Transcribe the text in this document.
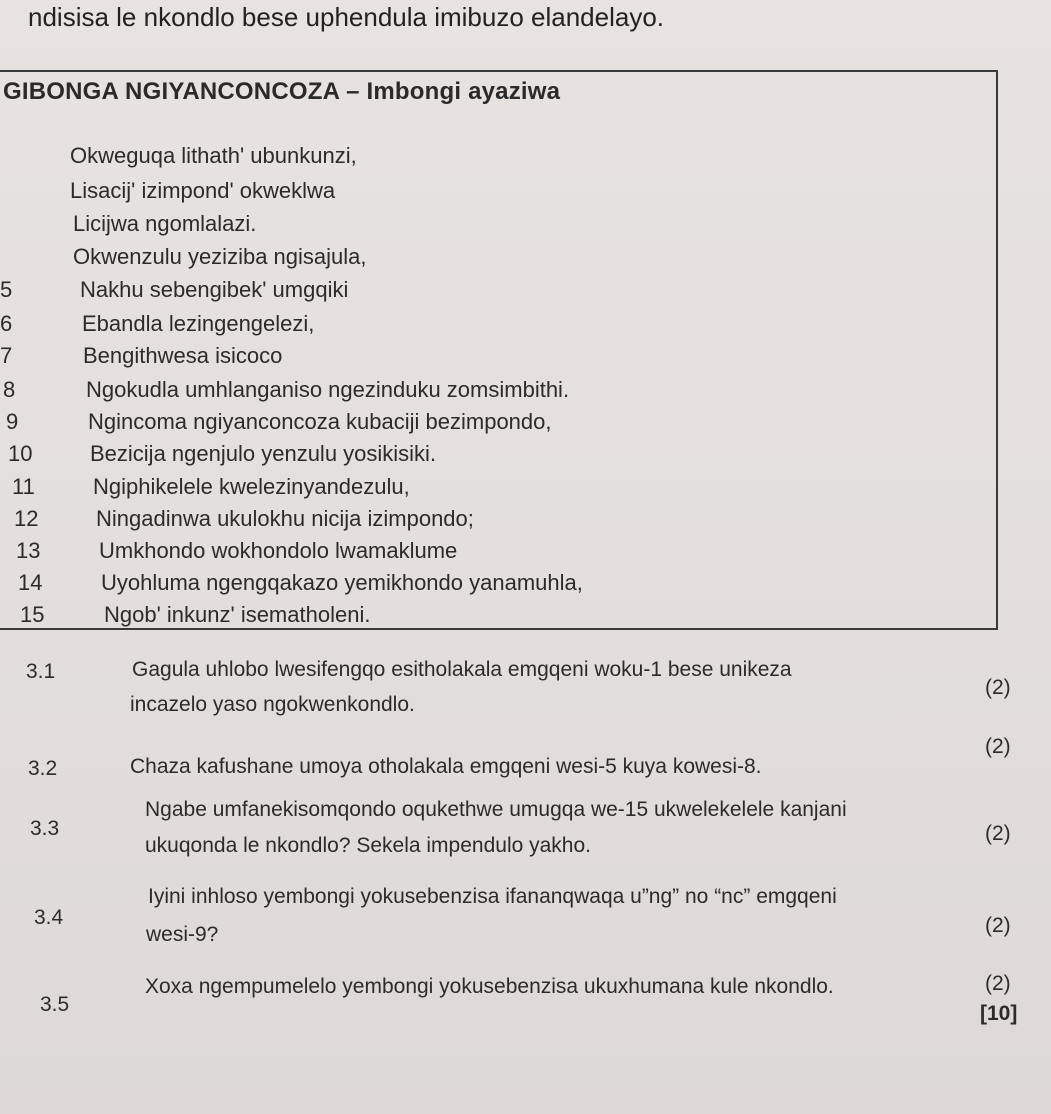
ndisisa le nkondlo bese uphendula imibuzo elandelayo.
GIBONGA NGIYANCONCOZA – Imbongi ayaziwa
Okweguqa lithath' ubunkunzi,
Lisacij' izimpond' okweklwa
Licijwa ngomlalazi.
Okwenzulu yeziziba ngisajula,
5	Nakhu sebengibek' umgqiki
6	Ebandla lezingengelezi,
7	Bengithwesa isicoco
8	Ngokudla umhlanganiso ngezinduku zomsimbithi.
9	Ngincoma ngiyanconcoza kubaciji bezimpondo,
10	Bezicija ngenjulo yenzulu yosikisiki.
11	Ngiphikelele kwelezinyandezulu,
12	Ningadinwa ukulokhu nicija izimpondo;
13	Umkhondo wokhondolo lwamaklume
14	Uyohluma ngengqakazo yemikhondo yanamuhla,
15	Ngob' inkunz' isematholeni.
3.1	Gagula uhlobo lwesifengqo esitholakala emgqeni woku-1 bese unikeza
incazelo yaso ngokwenkondlo.
(2)
3.2	Chaza kafushane umoya otholakala emgqeni wesi-5 kuya kowesi-8.
(2)
3.3
Ngabe umfanekisomqondo oqukethwe umugqa we-15 ukwelekelele kanjani
ukuqonda le nkondlo? Sekela impendulo yakho.
(2)
3.4
Iyini inhloso yembongi yokusebenzisa ifananqwaqa u”ng” no “nc” emgqeni
wesi-9?	(2)
3.5
Xoxa ngempumelelo yembongi yokusebenzisa ukuxhumana kule nkondlo.	(2)
[10]
